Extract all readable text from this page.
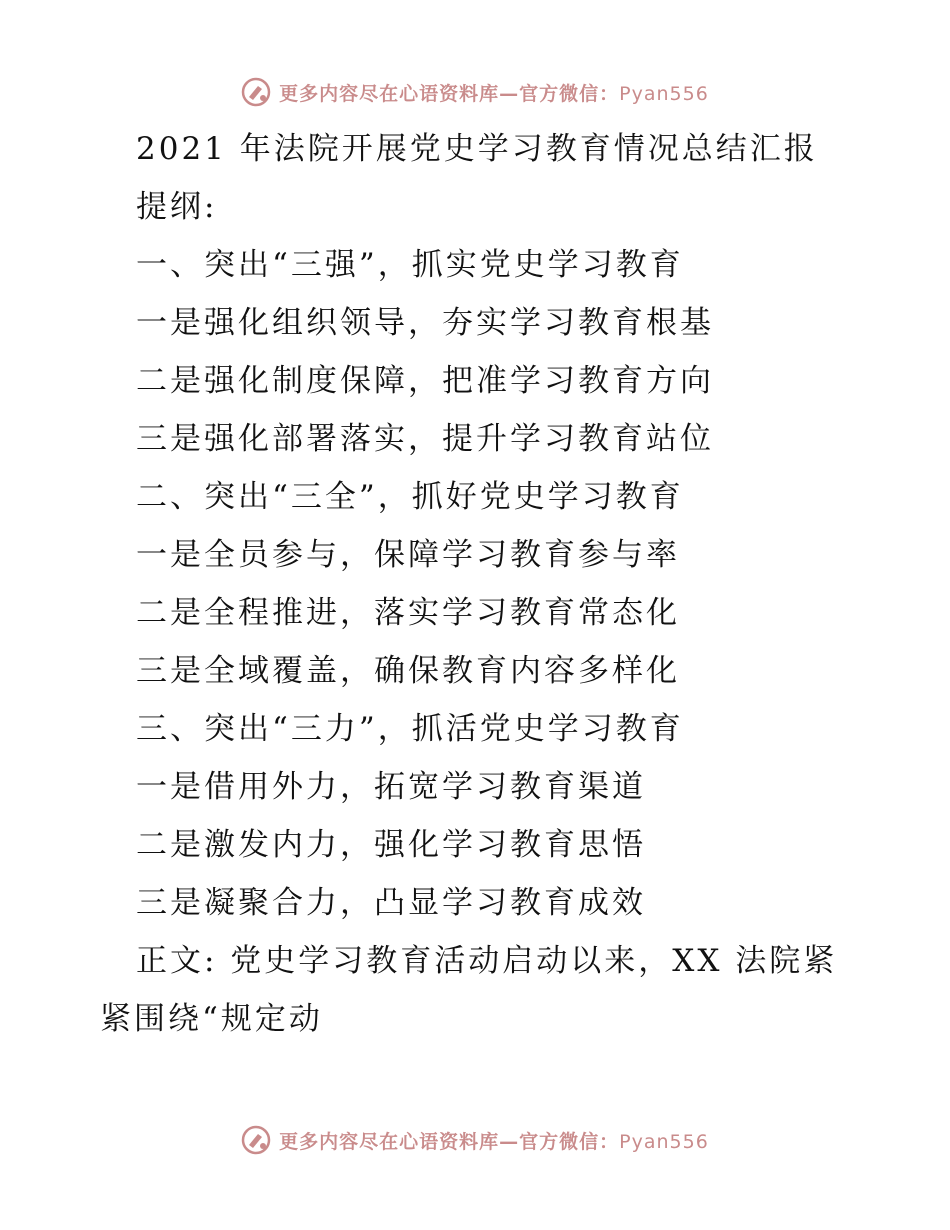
更多内容尽在心语资料库—官方微信：Pyan556
2021 年法院开展党史学习教育情况总结汇报
提纲:
一、突出“三强”，抓实党史学习教育
一是强化组织领导，夯实学习教育根基
二是强化制度保障，把准学习教育方向
三是强化部署落实，提升学习教育站位
二、突出“三全”，抓好党史学习教育
一是全员参与，保障学习教育参与率
二是全程推进，落实学习教育常态化
三是全域覆盖，确保教育内容多样化
三、突出“三力”，抓活党史学习教育
一是借用外力，拓宽学习教育渠道
二是激发内力，强化学习教育思悟
三是凝聚合力，凸显学习教育成效
正文: 党史学习教育活动启动以来，XX 法院紧紧围绕“规定动
更多内容尽在心语资料库—官方微信：Pyan556
